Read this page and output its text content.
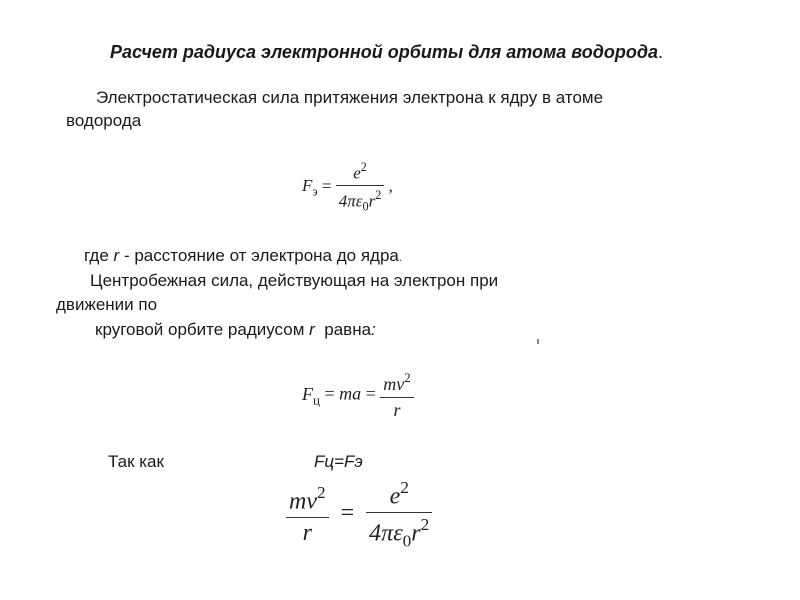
Расчет радиуса электронной орбиты для атома водорода.
Электростатическая сила притяжения электрона к ядру в атоме
водорода
$F_э = \frac{e^2}{4\pi\varepsilon_0r^2}$ ,
где r - расстояние от электрона до ядра.
Центробежная сила, действующая на электрон при
движении по
круговой орбите радиусом r равна:
$F_ц$ = ma = $\frac{mv^2}{r}$
Так как	Fц=Fэ
$\frac{mv^2}{r} = \frac{e^2}{4\pi\varepsilon_0r^2}$
